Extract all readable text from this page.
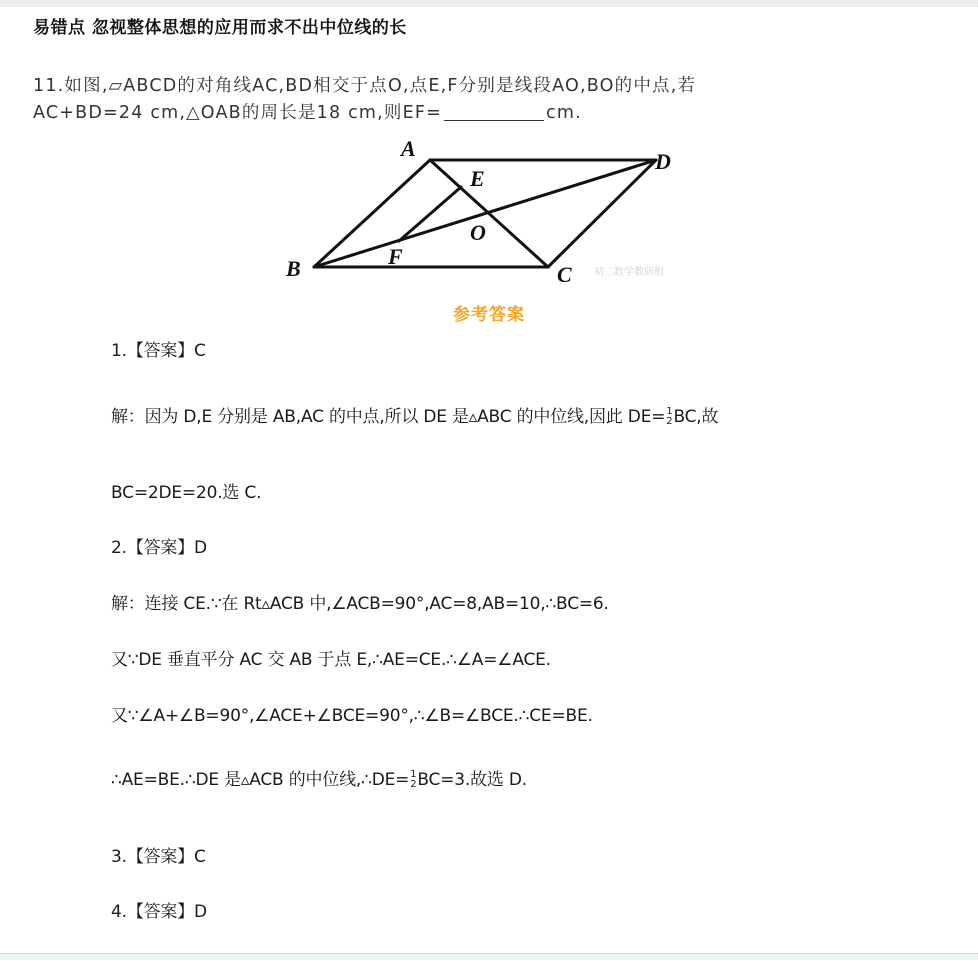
易错点 忽视整体思想的应用而求不出中位线的长
11.如图,▱ABCD的对角线AC,BD相交于点O,点E,F分别是线段AO,BO的中点,若
AC+BD=24 cm,△OAB的周长是18 cm,则EF=	cm.
A
B	C
D
E
F
O
初二数学教研组
参考答案
1.【答案】C
解：因为 D,E 分别是 AB,AC 的中点,所以 DE 是▵ABC 的中位线,因此 DE= 1
2 BC,故
BC=2DE=20.选 C.
2.【答案】D
解：连接 CE.∵在 Rt▵ACB 中,∠ACB=90°,AC=8,AB=10,∴BC=6.
又∵DE 垂直平分 AC 交 AB 于点 E,∴AE=CE.∴∠A=∠ACE.
又∵∠A+∠B=90°,∠ACE+∠BCE=90°,∴∠B=∠BCE.∴CE=BE.
∴AE=BE.∴DE 是▵ACB 的中位线,∴DE= 1
2 BC=3.故选 D.
3.【答案】C
4.【答案】D
